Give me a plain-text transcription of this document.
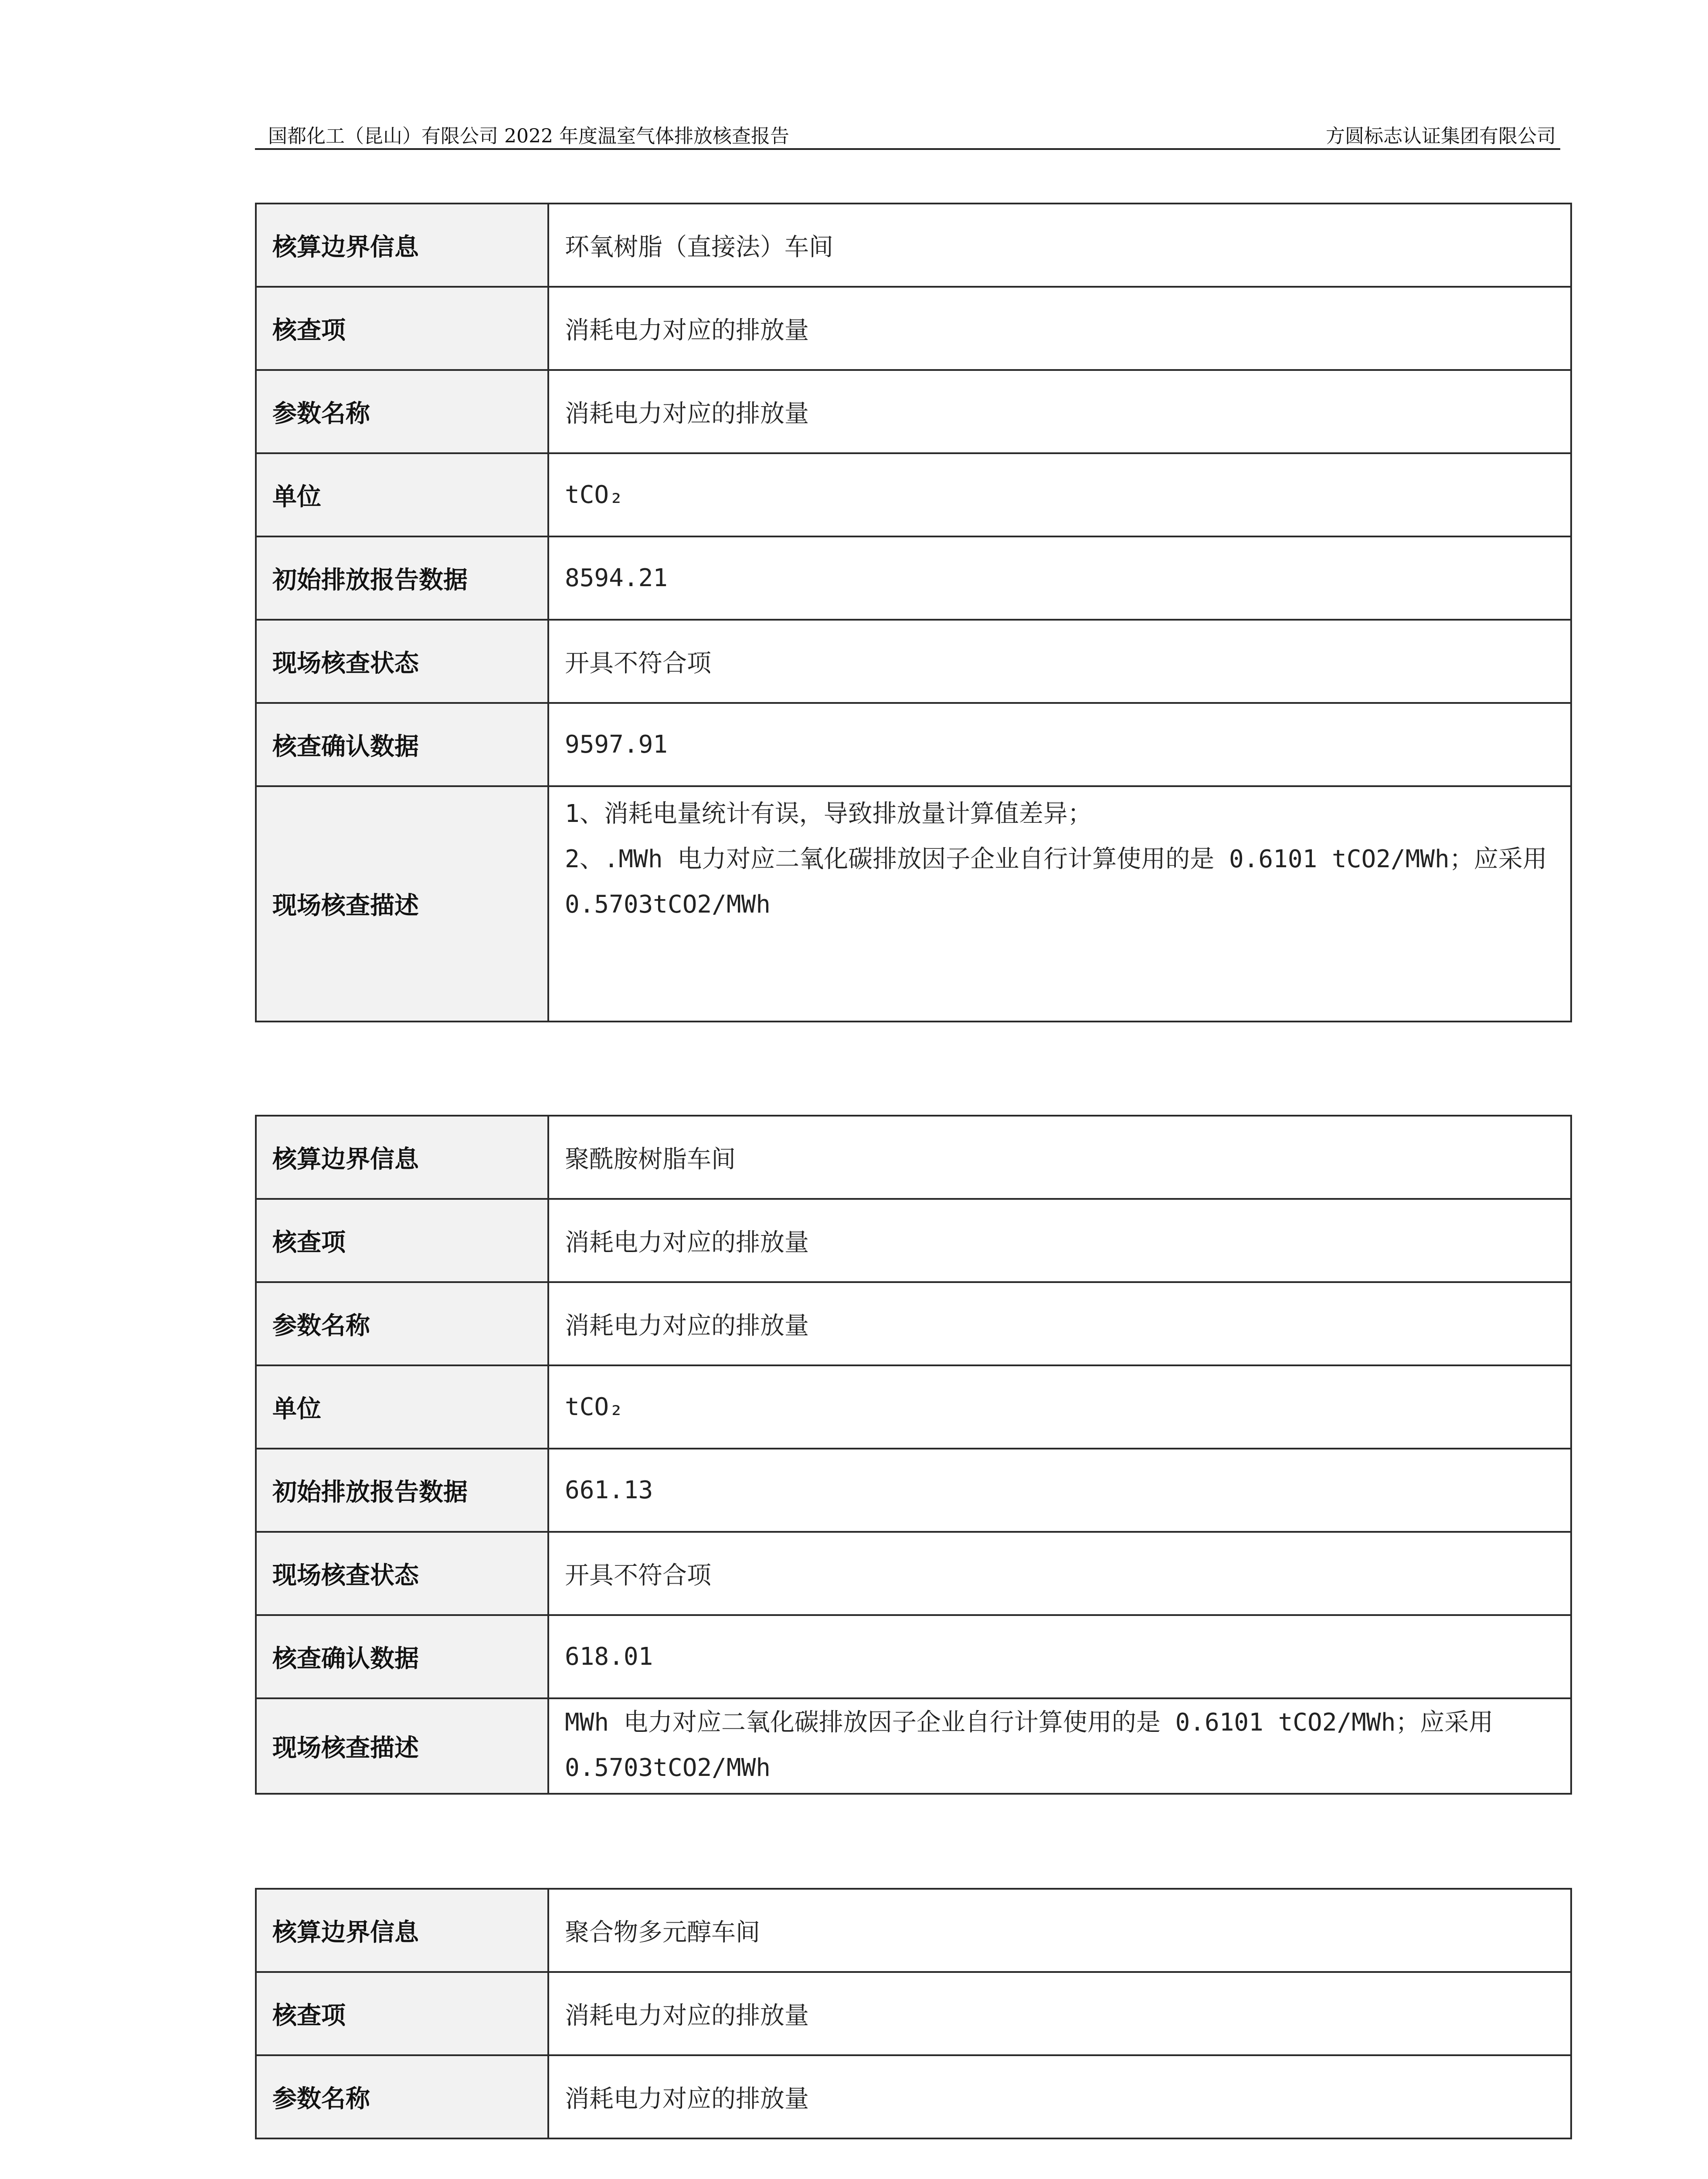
国都化工（昆山）有限公司 2022 年度温室气体排放核查报告	方圆标志认证集团有限公司
核算边界信息	环氧树脂（直接法）车间
核查项	消耗电力对应的排放量
参数名称	消耗电力对应的排放量
单位	tCO₂
初始排放报告数据	8594.21
现场核查状态	开具不符合项
核查确认数据	9597.91
现场核查描述	1、消耗电量统计有误，导致排放量计算值差异；
2、.MWh 电力对应二氧化碳排放因子企业自行计算使用的是 0.6101 tCO2/MWh；应采用
0.5703tCO2/MWh
核算边界信息	聚酰胺树脂车间
核查项	消耗电力对应的排放量
参数名称	消耗电力对应的排放量
单位	tCO₂
初始排放报告数据	661.13
现场核查状态	开具不符合项
核查确认数据	618.01
现场核查描述	MWh 电力对应二氧化碳排放因子企业自行计算使用的是 0.6101 tCO2/MWh；应采用
0.5703tCO2/MWh
核算边界信息	聚合物多元醇车间
核查项	消耗电力对应的排放量
参数名称	消耗电力对应的排放量
